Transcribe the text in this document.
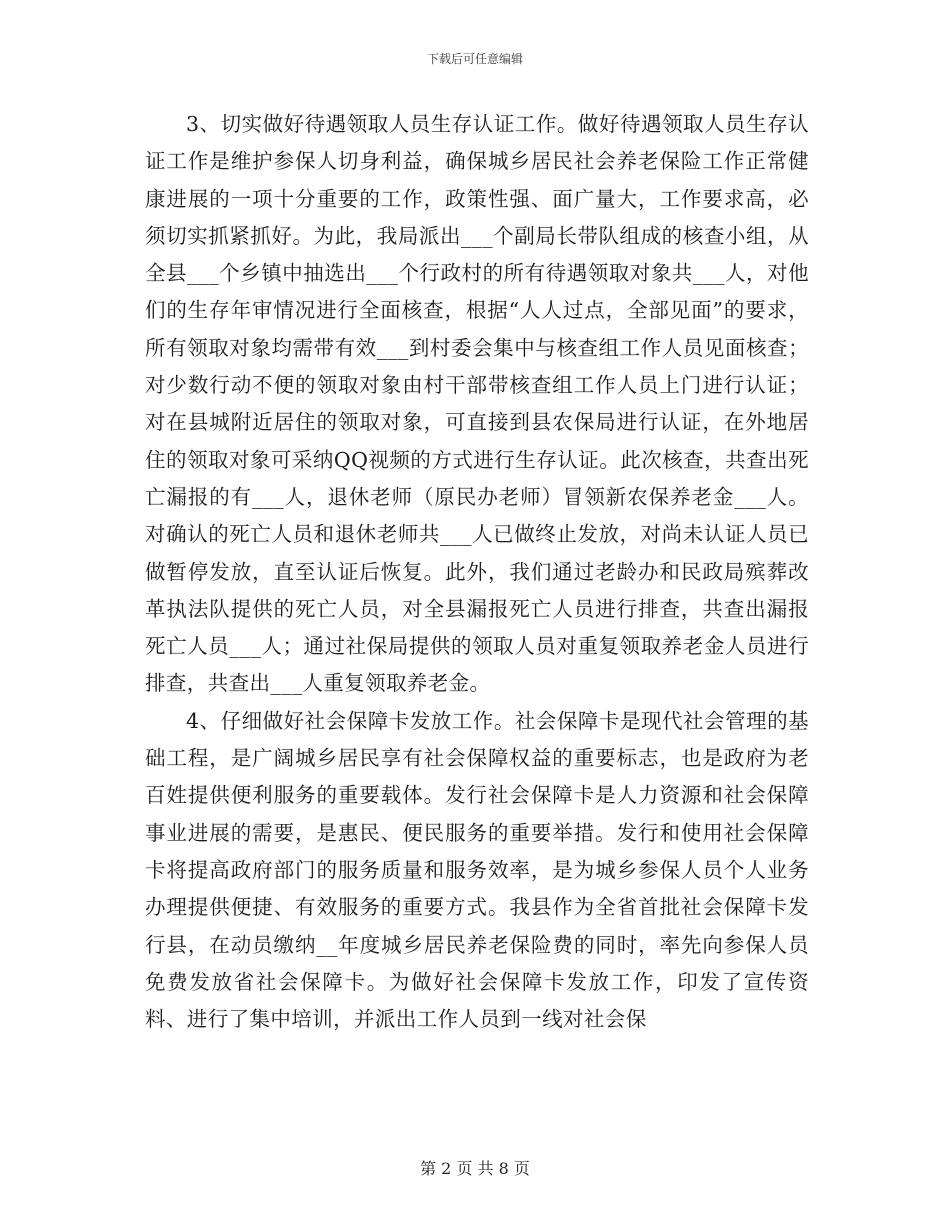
下载后可任意编辑

3、切实做好待遇领取人员生存认证工作。做好待遇领取人员生存认证工作是维护参保人切身利益，确保城乡居民社会养老保险工作正常健康进展的一项十分重要的工作，政策性强、面广量大，工作要求高，必须切实抓紧抓好。为此，我局派出___个副局长带队组成的核查小组，从全县___个乡镇中抽选出___个行政村的所有待遇领取对象共___人，对他们的生存年审情况进行全面核查，根据“人人过点，全部见面”的要求，所有领取对象均需带有效___到村委会集中与核查组工作人员见面核查；对少数行动不便的领取对象由村干部带核查组工作人员上门进行认证；对在县城附近居住的领取对象，可直接到县农保局进行认证，在外地居住的领取对象可采纳QQ视频的方式进行生存认证。此次核查，共查出死亡漏报的有___人，退休老师（原民办老师）冒领新农保养老金___人。对确认的死亡人员和退休老师共___人已做终止发放，对尚未认证人员已做暂停发放，直至认证后恢复。此外，我们通过老龄办和民政局殡葬改革执法队提供的死亡人员，对全县漏报死亡人员进行排查，共查出漏报死亡人员___人；通过社保局提供的领取人员对重复领取养老金人员进行排查，共查出___人重复领取养老金。

4、仔细做好社会保障卡发放工作。社会保障卡是现代社会管理的基础工程，是广阔城乡居民享有社会保障权益的重要标志，也是政府为老百姓提供便利服务的重要载体。发行社会保障卡是人力资源和社会保障事业进展的需要，是惠民、便民服务的重要举措。发行和使用社会保障卡将提高政府部门的服务质量和服务效率，是为城乡参保人员个人业务办理提供便捷、有效服务的重要方式。我县作为全省首批社会保障卡发行县，在动员缴纳__年度城乡居民养老保险费的同时，率先向参保人员免费发放省社会保障卡。为做好社会保障卡发放工作，印发了宣传资料、进行了集中培训，并派出工作人员到一线对社会保

第 2 页 共 8 页
